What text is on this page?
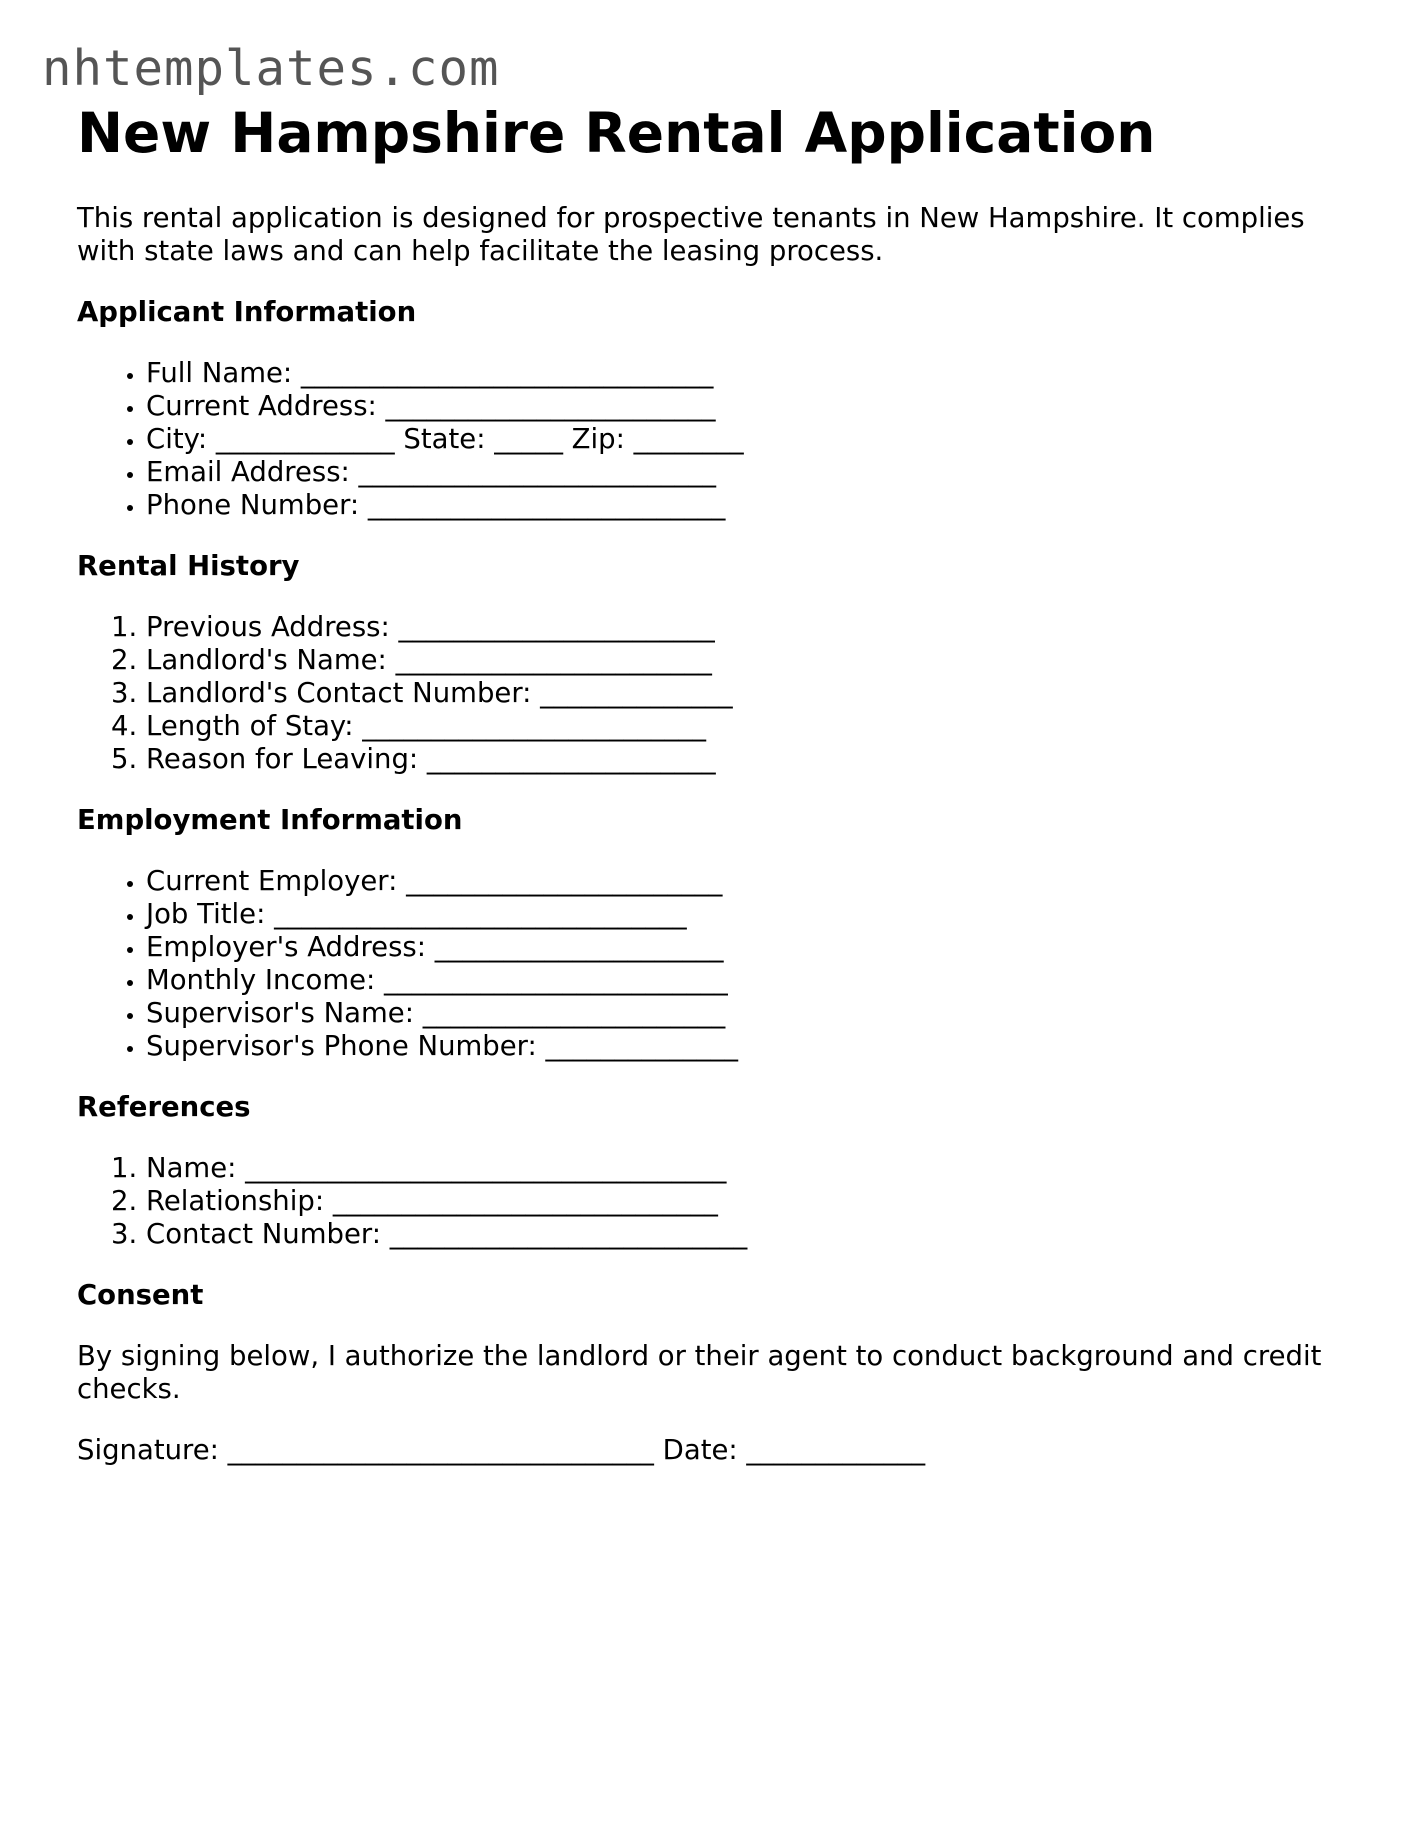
nhtemplates.com
New Hampshire Rental Application

This rental application is designed for prospective tenants in New Hampshire. It complies with state laws and can help facilitate the leasing process.

Applicant Information
• Full Name: ______________________________
• Current Address: ________________________
• City: _____________ State: _____ Zip: ________
• Email Address: __________________________
• Phone Number: __________________________
Rental History
1. Previous Address: _______________________
2. Landlord's Name: _______________________
3. Landlord's Contact Number: ______________
4. Length of Stay: _________________________
5. Reason for Leaving: _____________________
Employment Information
• Current Employer: _______________________
• Job Title: ______________________________
• Employer's Address: _____________________
• Monthly Income: _________________________
• Supervisor's Name: ______________________
• Supervisor's Phone Number: ______________
References
1. Name: ___________________________________
2. Relationship: ____________________________
3. Contact Number: __________________________
Consent

By signing below, I authorize the landlord or their agent to conduct background and credit checks.

Signature: _______________________________ Date: _____________
